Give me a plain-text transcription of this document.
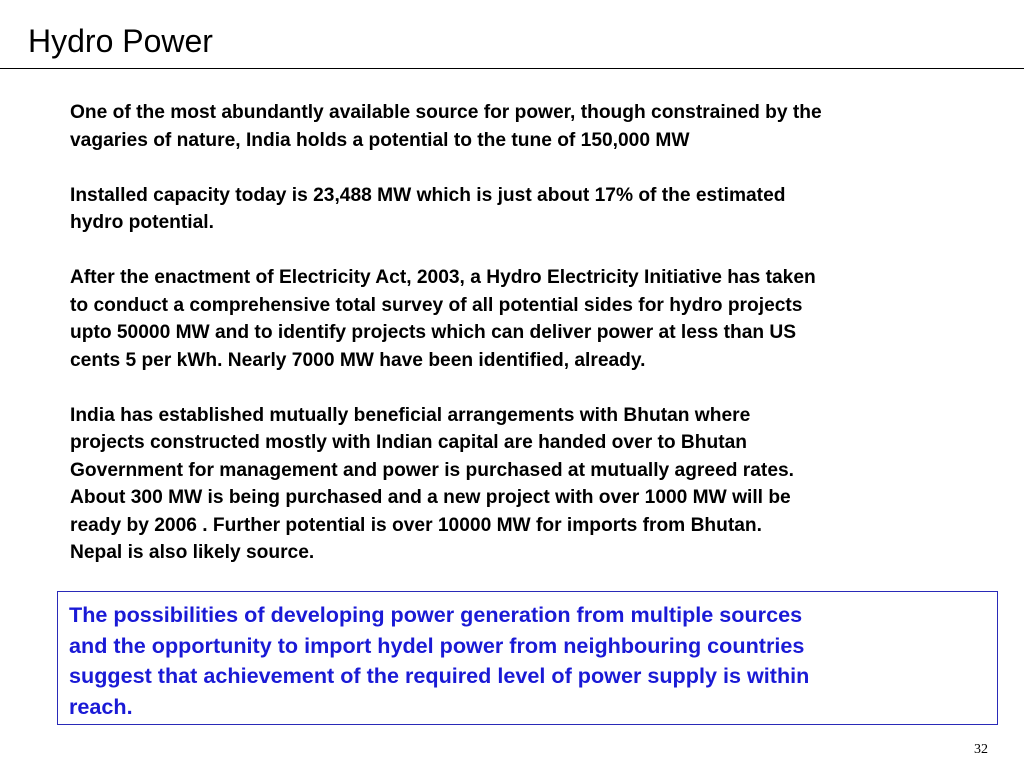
Hydro Power

One of the most abundantly available source for power, though constrained by the
vagaries of nature, India holds a potential to the tune of 150,000 MW

Installed capacity today is 23,488 MW which is just about 17% of the estimated
hydro potential.

After the enactment of Electricity Act, 2003, a Hydro Electricity Initiative has taken
to conduct a comprehensive total survey of all potential sides for hydro projects
upto 50000 MW and to identify projects which can deliver power at less than US
cents 5 per kWh. Nearly 7000 MW have been identified, already.

India has established mutually beneficial arrangements with Bhutan where
projects constructed mostly with Indian capital are handed over to Bhutan
Government for management and power is purchased at mutually agreed rates.
About 300 MW is being purchased and a new project with over 1000 MW will be
ready by 2006 . Further potential is over 10000 MW for imports from Bhutan.
Nepal is also likely source.

The possibilities of developing power generation from multiple sources
and the opportunity to import hydel power from neighbouring countries
suggest that achievement of the required level of power supply is within
reach.
32
